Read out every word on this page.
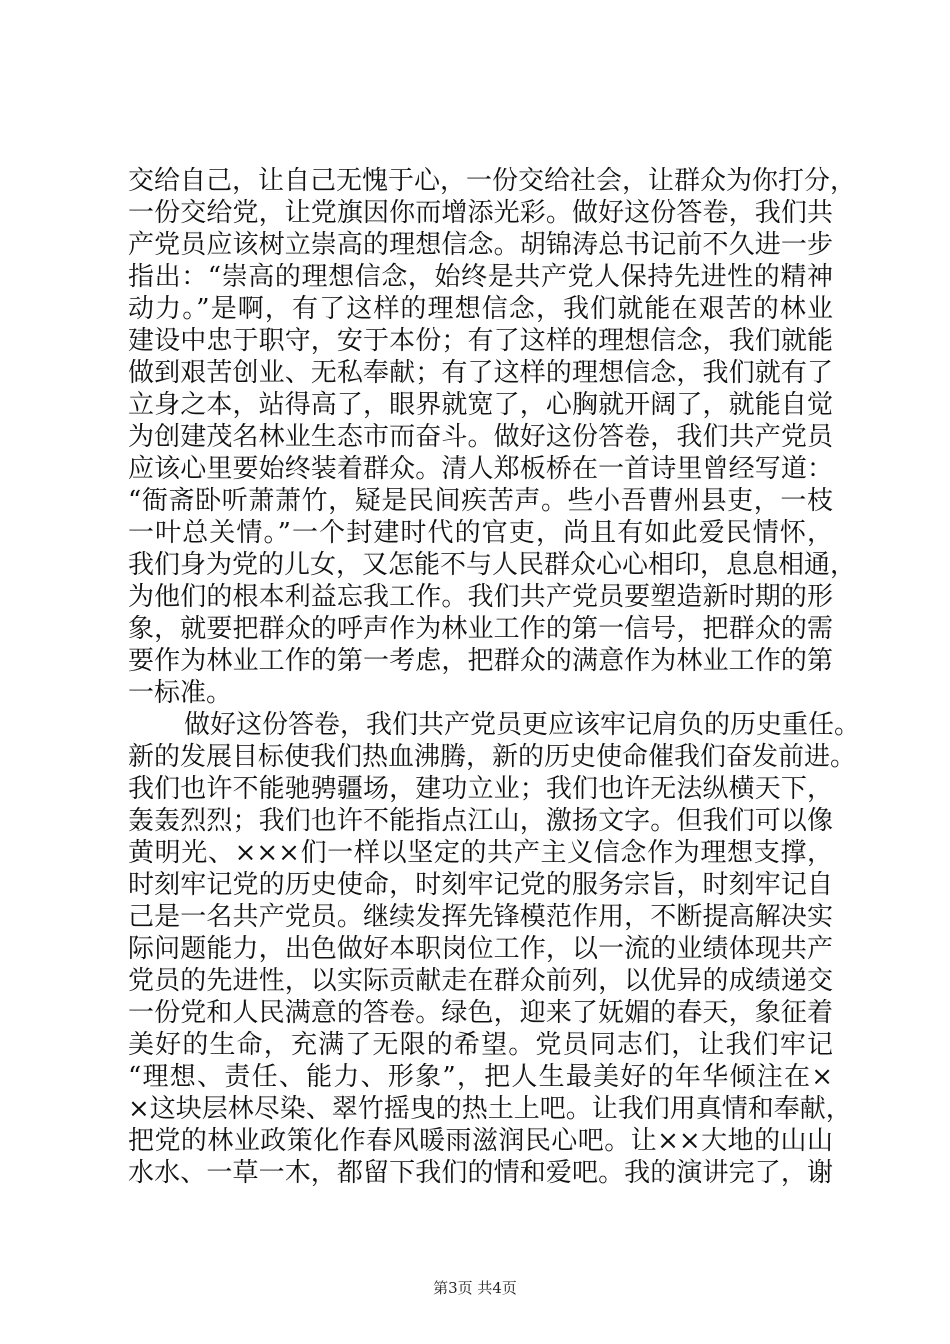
交给自己，让自己无愧于心，一份交给社会，让群众为你打分，
一份交给党，让党旗因你而增添光彩。做好这份答卷，我们共
产党员应该树立崇高的理想信念。胡锦涛总书记前不久进一步
指出：“崇高的理想信念，始终是共产党人保持先进性的精神
动力。”是啊，有了这样的理想信念，我们就能在艰苦的林业
建设中忠于职守，安于本份；有了这样的理想信念，我们就能
做到艰苦创业、无私奉献；有了这样的理想信念，我们就有了
立身之本，站得高了，眼界就宽了，心胸就开阔了，就能自觉
为创建茂名林业生态市而奋斗。做好这份答卷，我们共产党员
应该心里要始终装着群众。清人郑板桥在一首诗里曾经写道：
“衙斋卧听萧萧竹，疑是民间疾苦声。些小吾曹州县吏，一枝
一叶总关情。”一个封建时代的官吏，尚且有如此爱民情怀，
我们身为党的儿女，又怎能不与人民群众心心相印，息息相通，
为他们的根本利益忘我工作。我们共产党员要塑造新时期的形
象，就要把群众的呼声作为林业工作的第一信号，把群众的需
要作为林业工作的第一考虑，把群众的满意作为林业工作的第
一标准。
做好这份答卷，我们共产党员更应该牢记肩负的历史重任。
新的发展目标使我们热血沸腾，新的历史使命催我们奋发前进。
我们也许不能驰骋疆场，建功立业；我们也许无法纵横天下，
轰轰烈烈；我们也许不能指点江山，激扬文字。但我们可以像
黄明光、×××们一样以坚定的共产主义信念作为理想支撑，
时刻牢记党的历史使命，时刻牢记党的服务宗旨，时刻牢记自
己是一名共产党员。继续发挥先锋模范作用，不断提高解决实
际问题能力，出色做好本职岗位工作，以一流的业绩体现共产
党员的先进性，以实际贡献走在群众前列，以优异的成绩递交
一份党和人民满意的答卷。绿色，迎来了妩媚的春天，象征着
美好的生命，充满了无限的希望。党员同志们，让我们牢记
“理想、责任、能力、形象”，把人生最美好的年华倾注在×
×这块层林尽染、翠竹摇曳的热土上吧。让我们用真情和奉献，
把党的林业政策化作春风暖雨滋润民心吧。让××大地的山山
水水、一草一木，都留下我们的情和爱吧。我的演讲完了，谢
第3页 共4页
